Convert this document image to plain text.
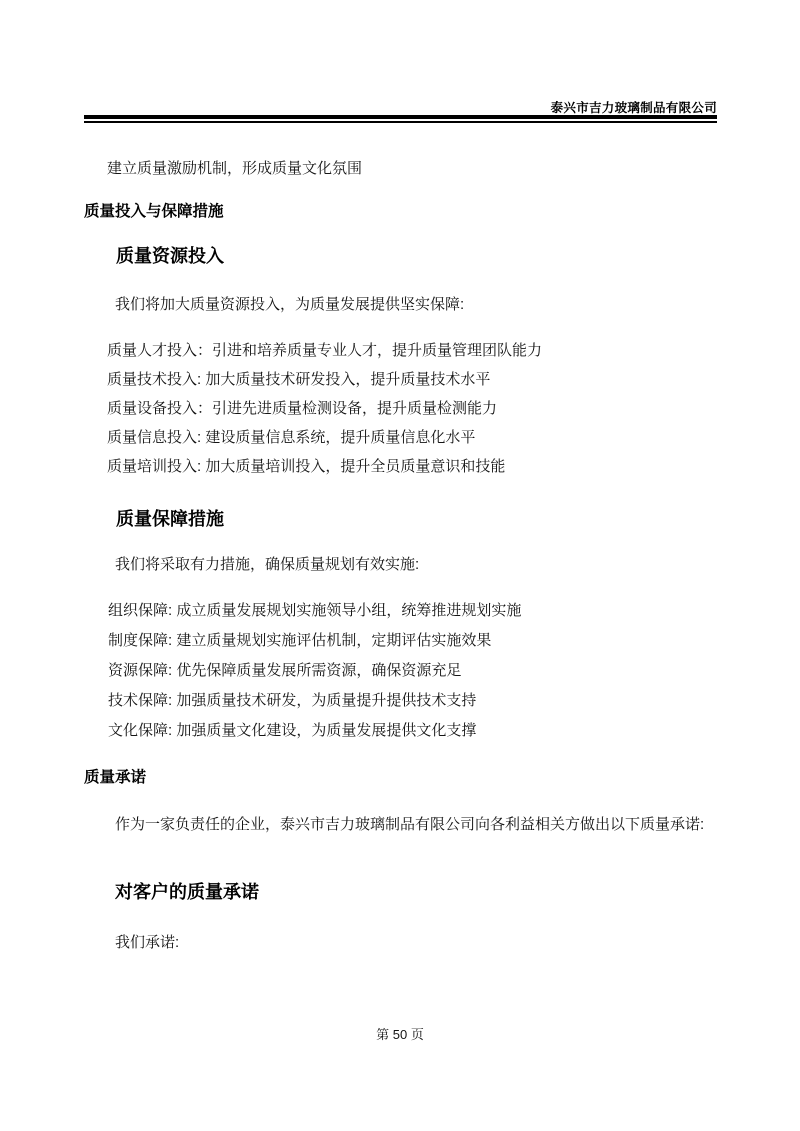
泰兴市吉力玻璃制品有限公司
建立质量激励机制，形成质量文化氛围
质量投入与保障措施
质量资源投入
我们将加大质量资源投入，为质量发展提供坚实保障:
质量人才投入：引进和培养质量专业人才，提升质量管理团队能力
质量技术投入: 加大质量技术研发投入，提升质量技术水平
质量设备投入：引进先进质量检测设备，提升质量检测能力
质量信息投入: 建设质量信息系统，提升质量信息化水平
质量培训投入: 加大质量培训投入，提升全员质量意识和技能
质量保障措施
我们将采取有力措施，确保质量规划有效实施:
组织保障: 成立质量发展规划实施领导小组，统筹推进规划实施
制度保障: 建立质量规划实施评估机制，定期评估实施效果
资源保障: 优先保障质量发展所需资源，确保资源充足
技术保障: 加强质量技术研发，为质量提升提供技术支持
文化保障: 加强质量文化建设，为质量发展提供文化支撑
质量承诺
作为一家负责任的企业，泰兴市吉力玻璃制品有限公司向各利益相关方做出以下质量承诺:
对客户的质量承诺
我们承诺:
第 50 页
